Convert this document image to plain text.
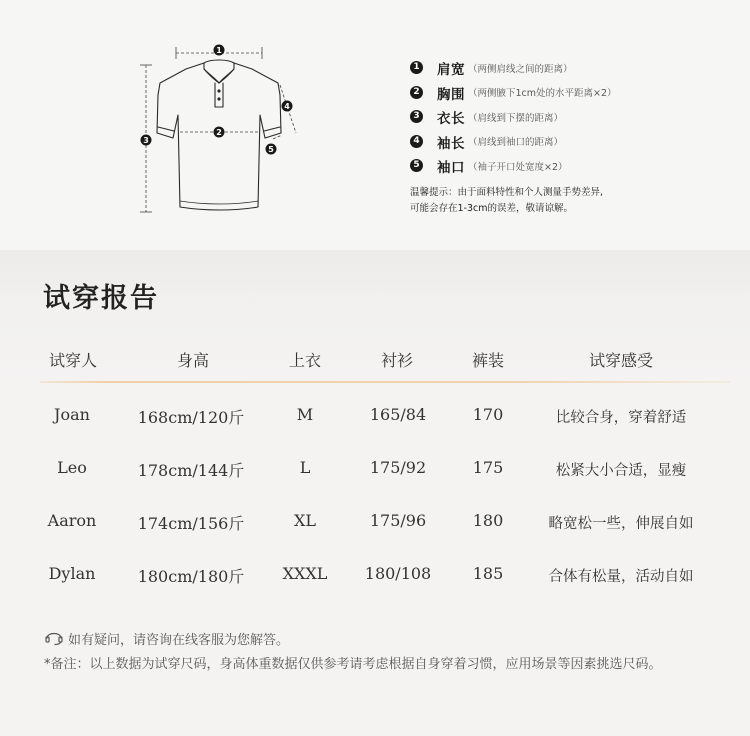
1
2
3
4
5
1 肩宽 （两侧肩线之间的距离）
2 胸围 （两侧腋下1cm处的水平距离×2）
3 衣长 （肩线到下摆的距离）
4 袖长 （肩线到袖口的距离）
5 袖口 （袖子开口处宽度×2）
温馨提示：由于面料特性和个人测量手势差异,
可能会存在1-3cm的误差，敬请谅解。
试穿报告
试穿人	身高	上衣	衬衫	裤装	试穿感受
Joan	168cm/120斤	M	165/84	170	比较合身，穿着舒适
Leo	178cm/144斤	L	175/92	175	松紧大小合适，显瘦
Aaron	174cm/156斤	XL	175/96	180	略宽松一些，伸展自如
Dylan	180cm/180斤 XXXL 180/108	185	合体有松量，活动自如
如有疑问，请咨询在线客服为您解答。
*备注：以上数据为试穿尺码，身高体重数据仅供参考请考虑根据自身穿着习惯，应用场景等因素挑选尺码。
